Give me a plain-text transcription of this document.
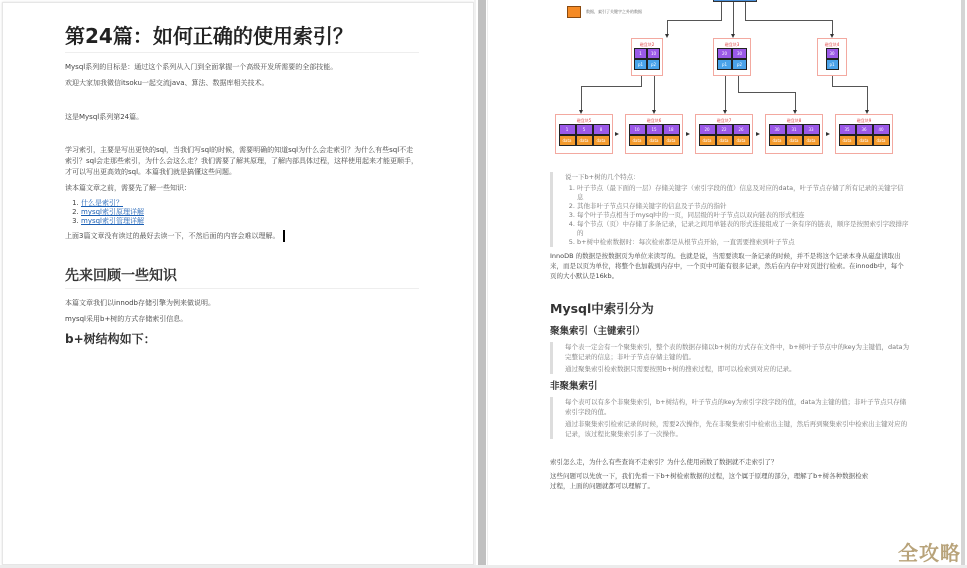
第24篇：如何正确的使用索引？

Mysql系列的目标是：通过这个系列从入门到全面掌握一个高级开发所需要的全部技能。

欢迎大家加我微信itsoku一起交流java、算法、数据库相关技术。

这是Mysql系列第24篇。

学习索引，主要是写出更快的sql，当我们写sql的时候，需要明确的知道sql为什么会走索引？为什么有些sql不走索引？sql会走那些索引，为什么会这么走？我们需要了解其原理，了解内部具体过程，这样使用起来才能更顺手，才可以写出更高效的sql。本篇我们就是搞懂这些问题。

读本篇文章之前，需要先了解一些知识：

1. 什么是索引？
2. mysql索引原理详解
3. mysql索引管理详解

上面3篇文章没有读过的最好去读一下，不然后面的内容会难以理解。

先来回顾一些知识

本篇文章我们以innodb存储引擎为例来做说明。

mysql采用b+树的方式存储索引信息。

b+树结构如下：
数据，索引了关键字之外的数据
磁盘块2
1	10
p1	p2
磁盘块3
20	30
p1	p2
磁盘块4
30
p1
磁盘块5
1	5	8
data	data	data
磁盘块6
10	15	18
data	data	data
磁盘块7
20	22	26
data	data	data
磁盘块8
30	31	33
data	data	data
磁盘块9
35	36	40
data	data	data

说一下b+树的几个特点：

1. 叶子节点（最下面的一层）存储关键字（索引字段的值）信息及对应的data，叶子节点存储了所有记录的关键字信息
2. 其他非叶子节点只存储关键字的信息及子节点的指针
3. 每个叶子节点相当于mysql中的一页，同层级的叶子节点以双向链表的形式相连
4. 每个节点（页）中存储了多条记录，记录之间用单链表的形式连接组成了一条有序的链表，顺序是按照索引字段排序的
5. b+树中检索数据时：每次检索都是从根节点开始，一直需要搜索到叶子节点

InnoDB 的数据是按数据页为单位来读写的。也就是说，当需要读取一条记录的时候，并不是将这个记录本身从磁盘读取出来，而是以页为单位，将整个也加载到内存中，一个页中可能有很多记录，然后在内存中对页进行检索。在innodb中，每个页的大小默认是16kb。

Mysql中索引分为
聚集索引（主键索引）

每个表一定会有一个聚集索引，整个表的数据存储以b+树的方式存在文件中，b+树叶子节点中的key为主键值，data为完整记录的信息；非叶子节点存储主键的值。

通过聚集索引检索数据只需要按照b+树的搜索过程，即可以检索到对应的记录。

非聚集索引

每个表可以有多个非聚集索引，b+树结构，叶子节点的key为索引字段字段的值，data为主键的值；非叶子节点只存储索引字段的值。

通过非聚集索引检索记录的时候，需要2次操作，先在非聚集索引中检索出主键，然后再到聚集索引中检索出主键对应的记录，该过程比聚集索引多了一次操作。

索引怎么走，为什么有些查询不走索引？为什么使用函数了数据就不走索引了？

这些问题可以先放一下，我们先看一下b+树检索数据的过程，这个属于原理的部分，理解了b+树各种数据检索过程，上面的问题就都可以理解了。

全攻略
